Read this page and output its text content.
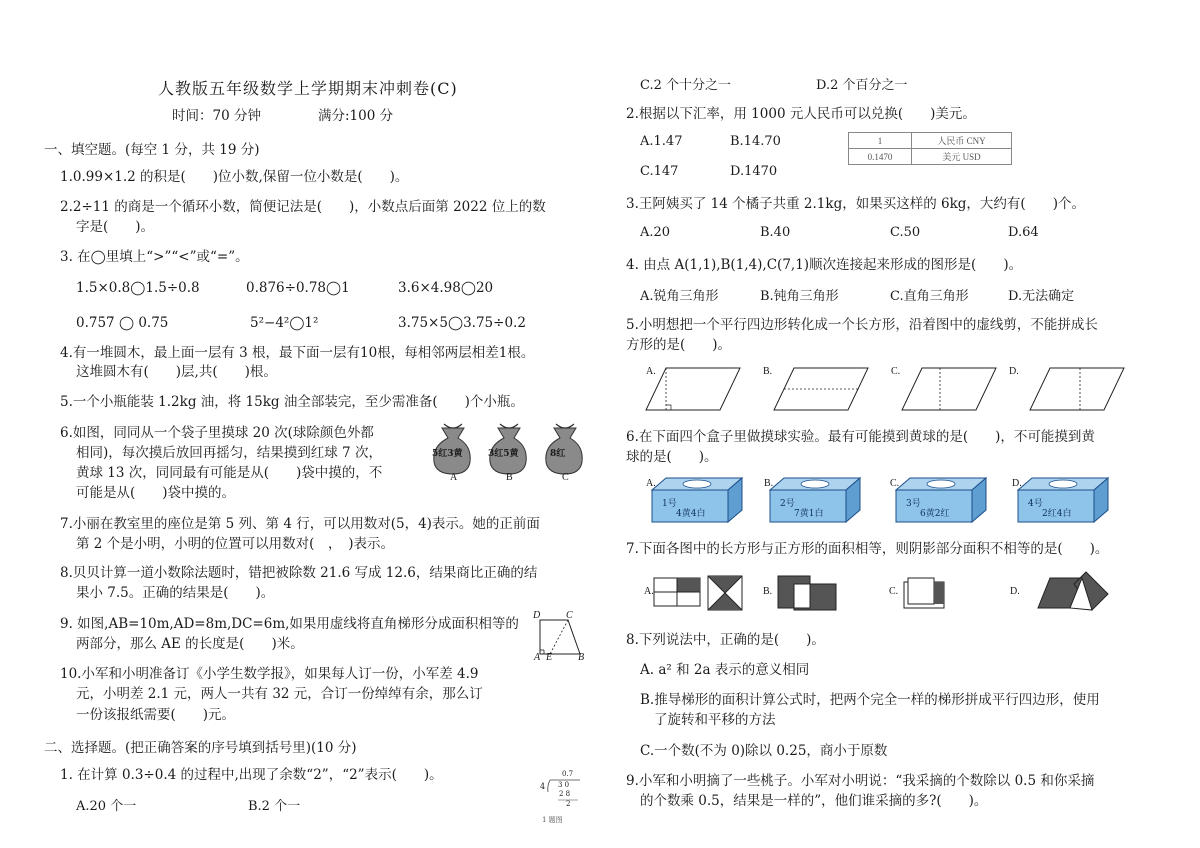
人教版五年级数学上学期期末冲刺卷(C)
时间：70 分钟	满分:100 分
一、填空题。(每空 1 分，共 19 分)
1.0.99×1.2 的积是(　　)位小数,保留一位小数是(　　)。
2.2÷11 的商是一个循环小数，简便记法是(　　)，小数点后面第 2022 位上的数
字是(　　)。
3. 在◯里填上“>”“<”或“=”。
1.5×0.8◯1.5÷0.8	0.876÷0.78◯1	3.6×4.98◯20
0.7̇5̇7̇ ◯ 0.7̇5̇	5²−4²◯1²	3.75×5◯3.75÷0.2
4.有一堆圆木，最上面一层有 3 根，最下面一层有10根，每相邻两层相差1根。
这堆圆木有(　　)层,共(　　)根。
5.一个小瓶能装 1.2kg 油，将 15kg 油全部装完，至少需准备(　　)个小瓶。
6.如图，同同从一个袋子里摸球 20 次(球除颜色外都
相同)，每次摸后放回再摇匀，结果摸到红球 7 次，
黄球 13 次，同同最有可能是从(　　)袋中摸的，不
可能是从(　　)袋中摸的。
5红3黄	3红5黄	8红
A	B	C
7.小丽在教室里的座位是第 5 列、第 4 行，可以用数对(5，4)表示。她的正前面
第 2 个是小明，小明的位置可以用数对(　，　)表示。
8.贝贝计算一道小数除法题时，错把被除数 21.6 写成 12.6，结果商比正确的结
果小 7.5。正确的结果是(　　)。
9. 如图,AB=10m,AD=8m,DC=6m,如果用虚线将直角梯形分成面积相等的
两部分，那么 AE 的长度是(　　)米。
D	C
A E	B
10.小军和小明准备订《小学生数学报》，如果每人订一份，小军差 4.9
元，小明差 2.1 元，两人一共有 32 元，合订一份绰绰有余，那么订
一份该报纸需要(　　)元。
二、选择题。(把正确答案的序号填到括号里)(10 分)
1. 在计算 0.3÷0.4 的过程中,出现了余数“2”，“2”表示(　　)。
A.20 个一	B.2 个一
0.7
4 3 0
2 8
2
1 题图
C.2 个十分之一	D.2 个百分之一
2.根据以下汇率，用 1000 元人民币可以兑换(　　)美元。
A.1.47	B.14.70
C.147	D.1470
1	人民币 CNY
0.1470	美元 USD
3.王阿姨买了 14 个橘子共重 2.1kg，如果买这样的 6kg，大约有(　　)个。
A.20	B.40	C.50	D.64
4. 由点 A(1,1),B(1,4),C(7,1)顺次连接起来形成的图形是(　　)。
A.锐角三角形	B.钝角三角形	C.直角三角形	D.无法确定
5.小明想把一个平行四边形转化成一个长方形，沿着图中的虚线剪，不能拼成长
方形的是(　　)。
A.	B.	C.	D.
6.在下面四个盒子里做摸球实验。最有可能摸到黄球的是(　　)，不可能摸到黄
球的是(　　)。
A.	B.	C.	D.
1号
4黄4白
2号
7黄1白
3号
6黄2红
4号
2红4白
7.下面各图中的长方形与正方形的面积相等，则阴影部分面积不相等的是(　　)。
A.	B.	C.	D.
8.下列说法中，正确的是(　　)。
A. a² 和 2a 表示的意义相同
B.推导梯形的面积计算公式时，把两个完全一样的梯形拼成平行四边形，使用
了旋转和平移的方法
C.一个数(不为 0)除以 0.25，商小于原数
9.小军和小明摘了一些桃子。小军对小明说：“我采摘的个数除以 0.5 和你采摘
的个数乘 0.5，结果是一样的”，他们谁采摘的多?(　　)。
